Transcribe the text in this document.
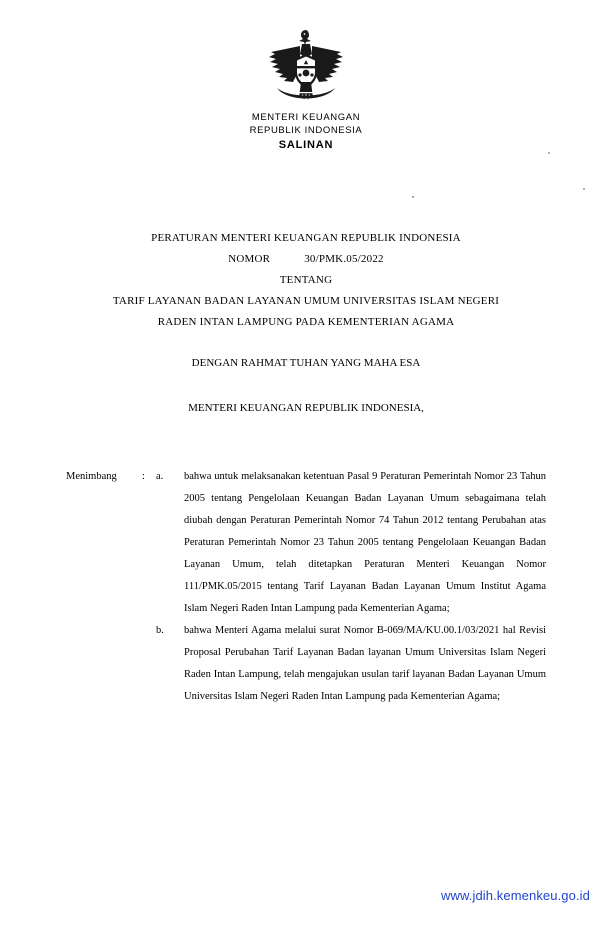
MENTERI KEUANGAN
REPUBLIK INDONESIA
SALINAN
PERATURAN MENTERI KEUANGAN REPUBLIK INDONESIA
NOMOR	30/PMK.05/2022
TENTANG
TARIF LAYANAN BADAN LAYANAN UMUM UNIVERSITAS ISLAM NEGERI
RADEN INTAN LAMPUNG PADA KEMENTERIAN AGAMA
DENGAN RAHMAT TUHAN YANG MAHA ESA
MENTERI KEUANGAN REPUBLIK INDONESIA,
Menimbang	:	a.	bahwa untuk melaksanakan ketentuan Pasal 9 Peraturan Pemerintah Nomor 23 Tahun 2005 tentang Pengelolaan Keuangan Badan Layanan Umum sebagaimana telah diubah dengan Peraturan Pemerintah Nomor 74 Tahun 2012 tentang Perubahan atas Peraturan Pemerintah Nomor 23 Tahun 2005 tentang Pengelolaan Keuangan Badan Layanan Umum, telah ditetapkan Peraturan Menteri Keuangan Nomor 111/PMK.05/2015 tentang Tarif Layanan Badan Layanan Umum Institut Agama Islam Negeri Raden Intan Lampung pada Kementerian Agama;
b.	bahwa Menteri Agama melalui surat Nomor B-069/MA/KU.00.1/03/2021 hal Revisi Proposal Perubahan Tarif Layanan Badan layanan Umum Universitas Islam Negeri Raden Intan Lampung, telah mengajukan usulan tarif layanan Badan Layanan Umum Universitas Islam Negeri Raden Intan Lampung pada Kementerian Agama;
www.jdih.kemenkeu.go.id
